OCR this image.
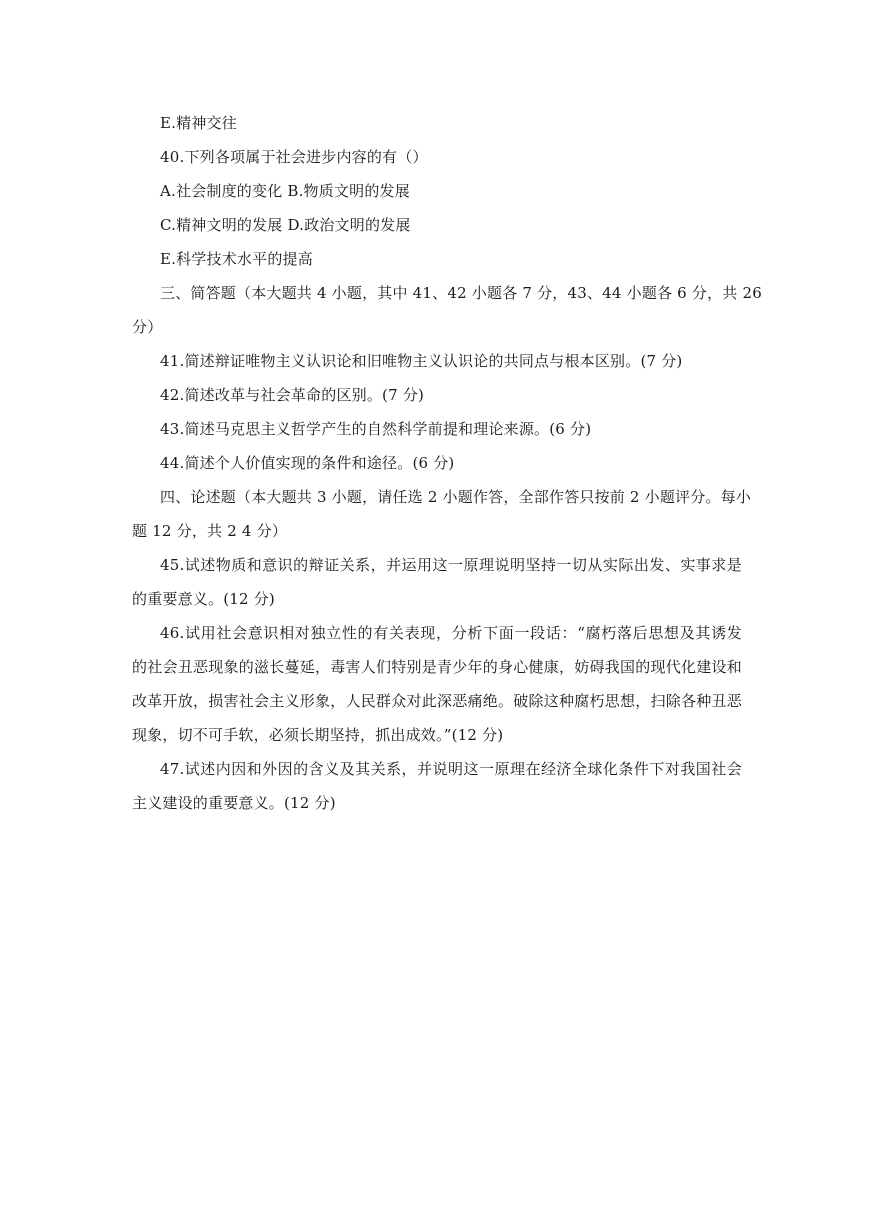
E.精神交往
40.下列各项属于社会进步内容的有（）
A.社会制度的变化 B.物质文明的发展
C.精神文明的发展 D.政治文明的发展
E.科学技术水平的提高
三、简答题（本大题共 4 小题，其中 41、42 小题各 7 分，43、44 小题各 6 分，共 26
分）
41.简述辩证唯物主义认识论和旧唯物主义认识论的共同点与根本区别。(7 分)
42.简述改革与社会革命的区别。(7 分)
43.简述马克思主义哲学产生的自然科学前提和理论来源。(6 分)
44.简述个人价值实现的条件和途径。(6 分)
四、论述题（本大题共 3 小题，请任选 2 小题作答，全部作答只按前 2 小题评分。每小
题 12 分，共 2 4 分）
45.试述物质和意识的辩证关系，并运用这一原理说明坚持一切从实际出发、实事求是
的重要意义。(12 分)
46.试用社会意识相对独立性的有关表现，分析下面一段话：“腐朽落后思想及其诱发
的社会丑恶现象的滋长蔓延，毒害人们特别是青少年的身心健康，妨碍我国的现代化建设和
改革开放，损害社会主义形象，人民群众对此深恶痛绝。破除这种腐朽思想，扫除各种丑恶
现象，切不可手软，必须长期坚持，抓出成效。”(12 分)
47.试述内因和外因的含义及其关系，并说明这一原理在经济全球化条件下对我国社会
主义建设的重要意义。(12 分)
